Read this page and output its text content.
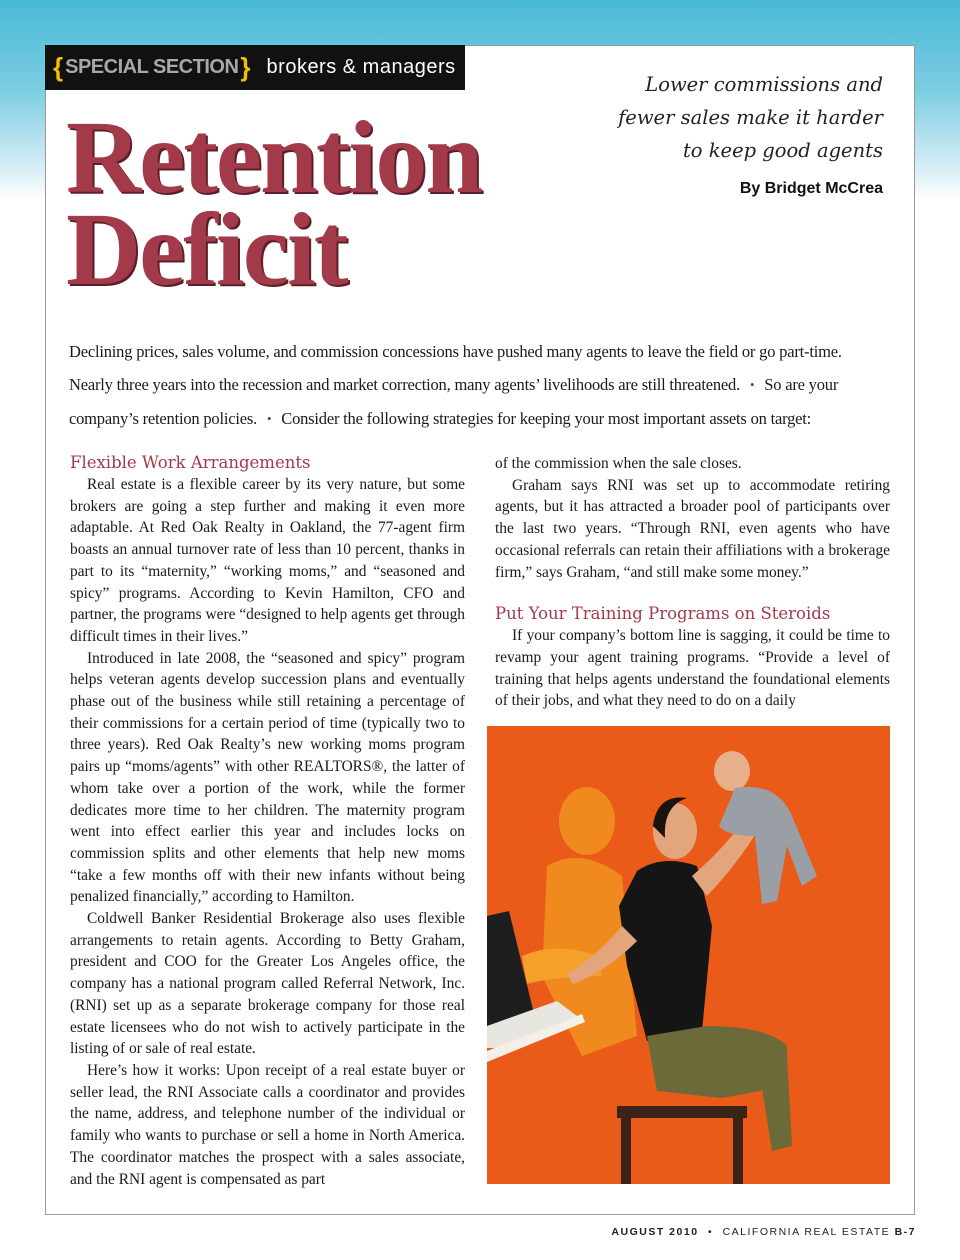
{ SPECIAL SECTION } brokers & managers
Retention
Deficit
Lower commissions and
fewer sales make it harder
to keep good agents
By Bridget McCrea

Declining prices, sales volume, and commission concessions have pushed many agents to leave the field or go part-time.

Nearly three years into the recession and market correction, many agents’ livelihoods are still threatened. • So are your

company’s retention policies. • Consider the following strategies for keeping your most important assets on target:

Flexible Work Arrangements

Real estate is a flexible career by its very nature, but some brokers are going a step further and making it even more adaptable. At Red Oak Realty in Oakland, the 77-agent firm boasts an annual turnover rate of less than 10 percent, thanks in part to its “maternity,” “working moms,” and “seasoned and spicy” programs. According to Kevin Hamilton, CFO and partner, the programs were “designed to help agents get through difficult times in their lives.”

Introduced in late 2008, the “seasoned and spicy” program helps veteran agents develop succession plans and eventually phase out of the business while still retaining a percentage of their commissions for a certain period of time (typically two to three years). Red Oak Realty’s new working moms program pairs up “moms/agents” with other REALTORS®, the latter of whom take over a portion of the work, while the former dedicates more time to her children. The maternity program went into effect earlier this year and includes locks on commission splits and other elements that help new moms “take a few months off with their new infants without being penalized financially,” according to Hamilton.

Coldwell Banker Residential Brokerage also uses flexible arrangements to retain agents. According to Betty Graham, president and COO for the Greater Los Angeles office, the company has a national program called Referral Network, Inc. (RNI) set up as a separate brokerage company for those real estate licensees who do not wish to actively participate in the listing of or sale of real estate.

Here’s how it works: Upon receipt of a real estate buyer or seller lead, the RNI Associate calls a coordinator and provides the name, address, and telephone number of the individual or family who wants to purchase or sell a home in North America. The coordinator matches the prospect with a sales associate, and the RNI agent is compensated as part

of the commission when the sale closes.

Graham says RNI was set up to accommodate retiring agents, but it has attracted a broader pool of participants over the last two years. “Through RNI, even agents who have occasional referrals can retain their affiliations with a brokerage firm,” says Graham, “and still make some money.”

Put Your Training Programs on Steroids

If your company’s bottom line is sagging, it could be time to revamp your agent training programs. “Provide a level of training that helps agents understand the foundational elements of their jobs, and what they need to do on a daily

AUGUST 2010 • CALIFORNIA REAL ESTATE B-7
